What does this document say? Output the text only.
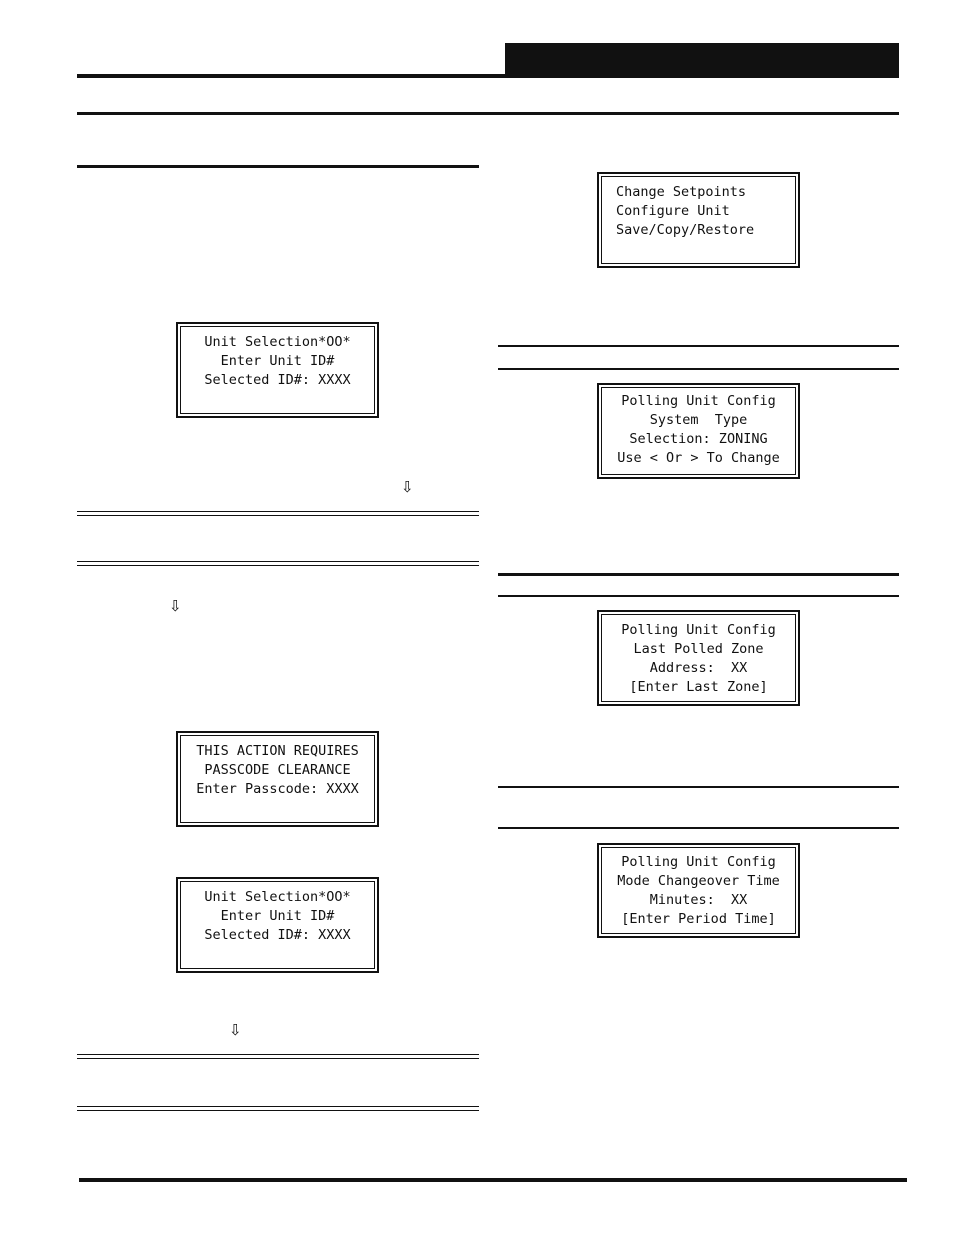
Unit Selection*OO*
Enter Unit ID#
Selected ID#: XXXX
⇩
⇩
THIS ACTION REQUIRES
PASSCODE CLEARANCE
Enter Passcode: XXXX
Unit Selection*OO*
Enter Unit ID#
Selected ID#: XXXX
⇩
Change Setpoints
Configure Unit
Save/Copy/Restore
Polling Unit Config
System  Type
Selection: ZONING
Use < Or > To Change
Polling Unit Config
Last Polled Zone
Address:  XX
[Enter Last Zone]
Polling Unit Config
Mode Changeover Time
Minutes:  XX
[Enter Period Time]
